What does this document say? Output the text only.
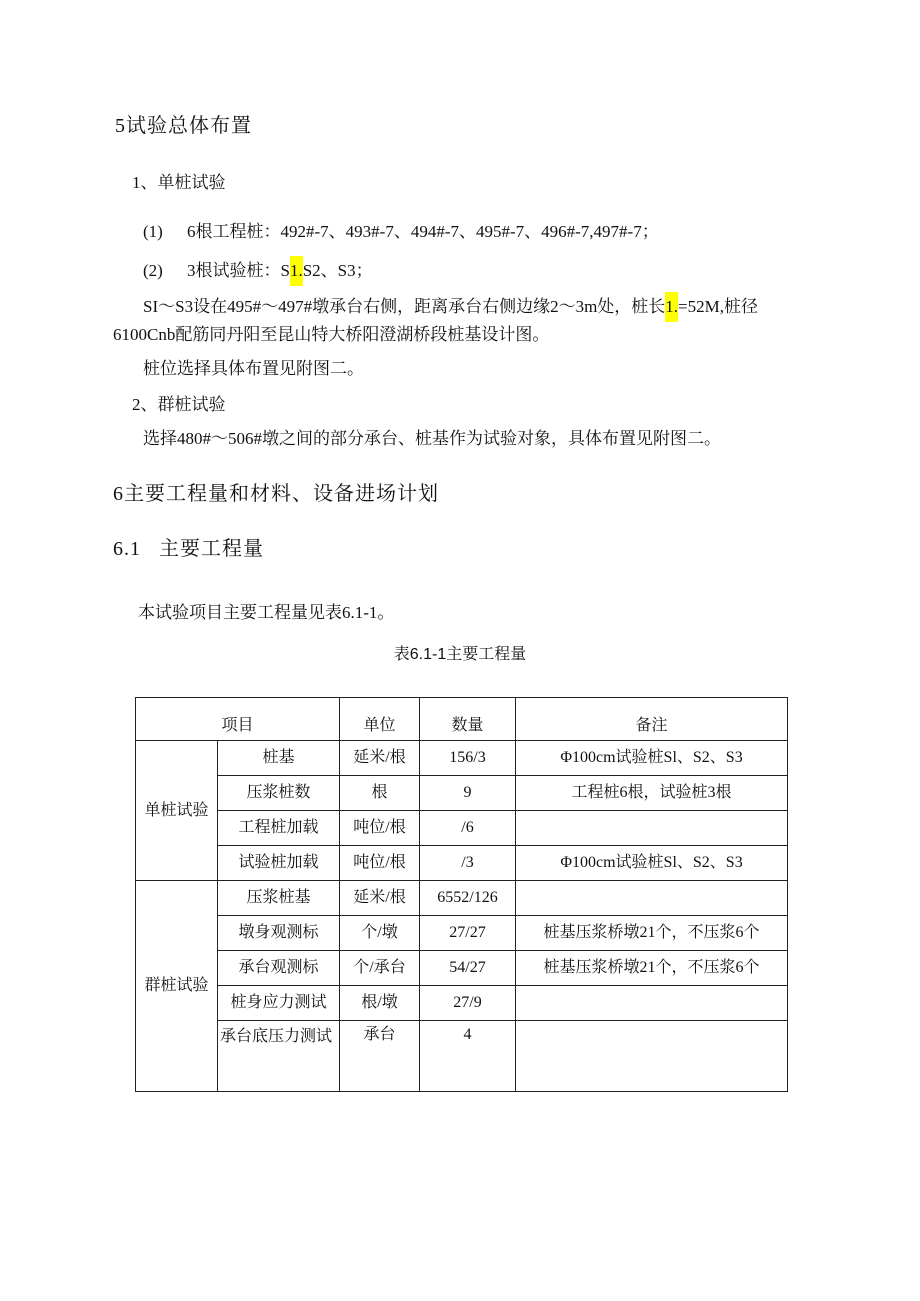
5试验总体布置
1、单桩试验
(1) 6根工程桩：492#-7、493#-7、494#-7、495#-7、496#-7,497#-7；
(2) 3根试验桩：S1.S2、S3；
SI～S3设在495#～497#墩承台右侧，距离承台右侧边缘2～3m处，桩长1.=52M,桩径
6100Cnb配筋同丹阳至昆山特大桥阳澄湖桥段桩基设计图。
桩位选择具体布置见附图二。
2、群桩试验
选择480#～506#墩之间的部分承台、桩基作为试验对象，具体布置见附图二。
6主要工程量和材料、设备进场计划
6.1 主要工程量
本试验项目主要工程量见表6.1-1。
表6.1-1主要工程量
项目		单位	数量	备注

单桩试验	桩基	延米/根	156/3	Φ100cm试验桩Sl、S2、S3
	压浆桩数	根	9	工程桩6根，试验桩3根
	工程桩加载	吨位/根	/6	
	试验桩加载	吨位/根	/3	Φ100cm试验桩Sl、S2、S3
群桩试验	压浆桩基	延米/根	6552/126	
	墩身观测标	个/墩	27/27	桩基压浆桥墩21个，不压浆6个
	承台观测标	个/承台	54/27	桩基压浆桥墩21个，不压浆6个
	桩身应力测试	根/墩	27/9	
	承台底压力测试	承台	4	
